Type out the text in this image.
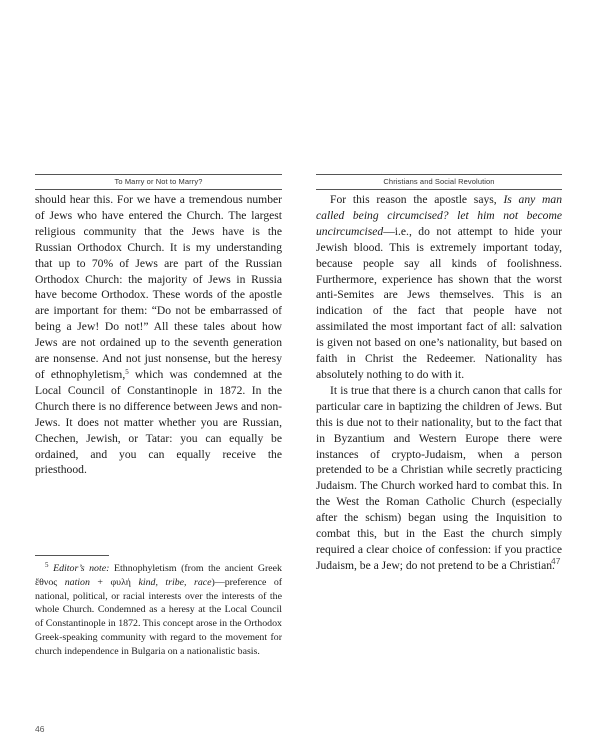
To Marry or Not to Marry?

should hear this. For we have a tremendous number of Jews who have entered the Church. The largest religious community that the Jews have is the Russian Orthodox Church. It is my understanding that up to 70% of Jews are part of the Russian Orthodox Church: the majority of Jews in Russia have become Orthodox. These words of the apostle are important for them: “Do not be embarrassed of being a Jew! Do not!” All these tales about how Jews are not ordained up to the seventh generation are nonsense. And not just nonsense, but the heresy of ethnophyletism,$^5$ which was condemned at the Local Council of Constantinople in 1872. In the Church there is no difference between Jews and non-Jews. It does not matter whether you are Russian, Chechen, Jewish, or Tatar: you can equally be ordained, and you can equally receive the priesthood.

$^5$ Editor’s note: Ethnophyletism (from the ancient Greek ἔθνος nation + φυλή kind, tribe, race)—preference of national, political, or racial interests over the interests of the whole Church. Condemned as a heresy at the Local Council of Constantinople in 1872. This concept arose in the Orthodox Greek-speaking community with regard to the movement for church independence in Bulgaria on a nationalistic basis.

46
Christians and Social Revolution

For this reason the apostle says, Is any man called being circumcised? let him not become uncircumcised—i.e., do not attempt to hide your Jewish blood. This is extremely important today, because people say all kinds of foolishness. Furthermore, experience has shown that the worst anti-Semites are Jews themselves. This is an indication of the fact that people have not assimilated the most important fact of all: salvation is given not based on one’s nationality, but based on faith in Christ the Redeemer. Nationality has absolutely nothing to do with it.

It is true that there is a church canon that calls for particular care in baptizing the children of Jews. But this is due not to their nationality, but to the fact that in Byzantium and Western Europe there were instances of crypto-Judaism, when a person pretended to be a Christian while secretly practicing Judaism. The Church worked hard to combat this. In the West the Roman Catholic Church (especially after the schism) began using the Inquisition to combat this, but in the East the church simply required a clear choice of confession: if you practice Judaism, be a Jew; do not pretend to be a Christian.

47
